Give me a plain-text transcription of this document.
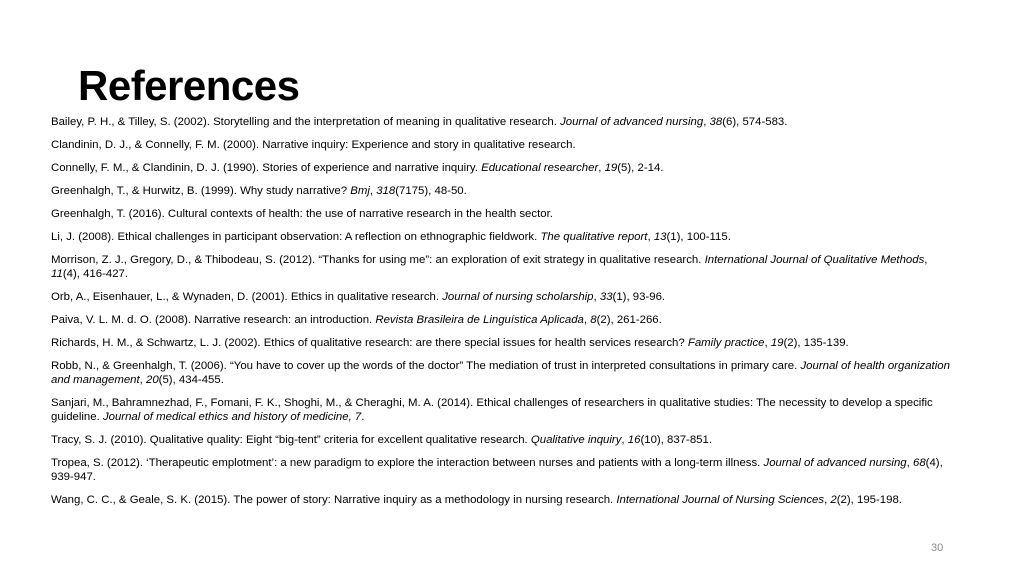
References

Bailey, P. H., & Tilley, S. (2002). Storytelling and the interpretation of meaning in qualitative research. Journal of advanced nursing, 38(6), 574-583.

Clandinin, D. J., & Connelly, F. M. (2000). Narrative inquiry: Experience and story in qualitative research.

Connelly, F. M., & Clandinin, D. J. (1990). Stories of experience and narrative inquiry. Educational researcher, 19(5), 2-14.

Greenhalgh, T., & Hurwitz, B. (1999). Why study narrative? Bmj, 318(7175), 48-50.

Greenhalgh, T. (2016). Cultural contexts of health: the use of narrative research in the health sector.

Li, J. (2008). Ethical challenges in participant observation: A reflection on ethnographic fieldwork. The qualitative report, 13(1), 100-115.

Morrison, Z. J., Gregory, D., & Thibodeau, S. (2012). “Thanks for using me”: an exploration of exit strategy in qualitative research. International Journal of Qualitative Methods, 11(4), 416-427.

Orb, A., Eisenhauer, L., & Wynaden, D. (2001). Ethics in qualitative research. Journal of nursing scholarship, 33(1), 93-96.

Paiva, V. L. M. d. O. (2008). Narrative research: an introduction. Revista Brasileira de Linguística Aplicada, 8(2), 261-266.

Richards, H. M., & Schwartz, L. J. (2002). Ethics of qualitative research: are there special issues for health services research? Family practice, 19(2), 135-139.

Robb, N., & Greenhalgh, T. (2006). “You have to cover up the words of the doctor” The mediation of trust in interpreted consultations in primary care. Journal of health organization and management, 20(5), 434-455.

Sanjari, M., Bahramnezhad, F., Fomani, F. K., Shoghi, M., & Cheraghi, M. A. (2014). Ethical challenges of researchers in qualitative studies: The necessity to develop a specific guideline. Journal of medical ethics and history of medicine, 7.

Tracy, S. J. (2010). Qualitative quality: Eight “big-tent” criteria for excellent qualitative research. Qualitative inquiry, 16(10), 837-851.

Tropea, S. (2012). ‘Therapeutic emplotment’: a new paradigm to explore the interaction between nurses and patients with a long-term illness. Journal of advanced nursing, 68(4), 939-947.

Wang, C. C., & Geale, S. K. (2015). The power of story: Narrative inquiry as a methodology in nursing research. International Journal of Nursing Sciences, 2(2), 195-198.

30
